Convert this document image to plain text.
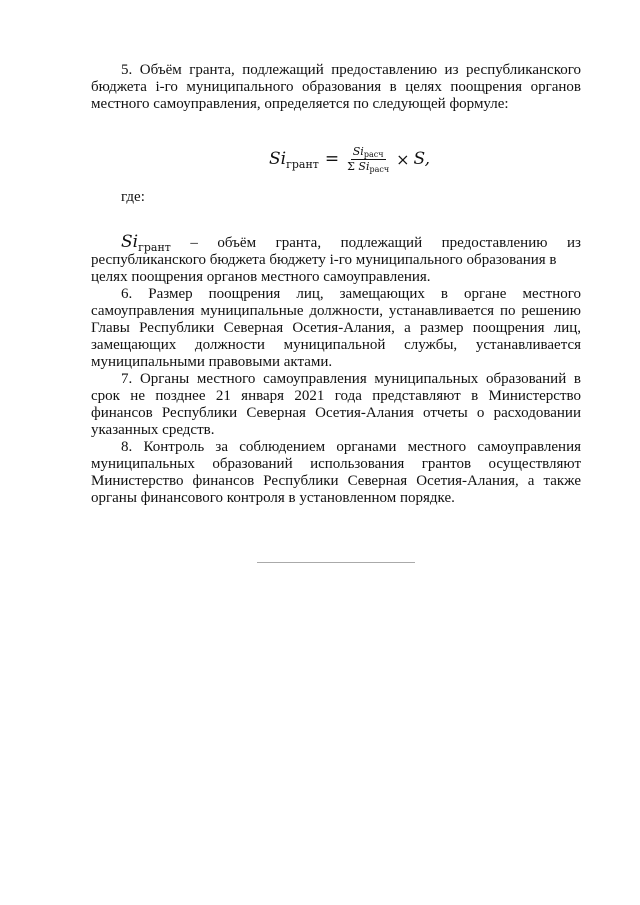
5. Объём гранта, подлежащий предоставлению из республиканского бюджета i-го муниципального образования в целях поощрения органов местного самоуправления, определяется по следующей формуле:

$Si_{грант} = \frac{\text{Siрасч}}{\text{Σ Siрасч}} \times S$,
где:
$Si_{грант}$ – объём гранта, подлежащий предоставлению из

республиканского бюджета бюджету i-го муниципального образования в

целях поощрения органов местного самоуправления.

6. Размер поощрения лиц, замещающих в органе местного самоуправления муниципальные должности, устанавливается по решению Главы Республики Северная Осетия-Алания, а размер поощрения лиц, замещающих должности муниципальной службы, устанавливается муниципальными правовыми актами.

7. Органы местного самоуправления муниципальных образований в срок не позднее 21 января 2021 года представляют в Министерство финансов Республики Северная Осетия-Алания отчеты о расходовании указанных средств.

8. Контроль за соблюдением органами местного самоуправления муниципальных образований использования грантов осуществляют Министерство финансов Республики Северная Осетия-Алания, а также органы финансового контроля в установленном порядке.
